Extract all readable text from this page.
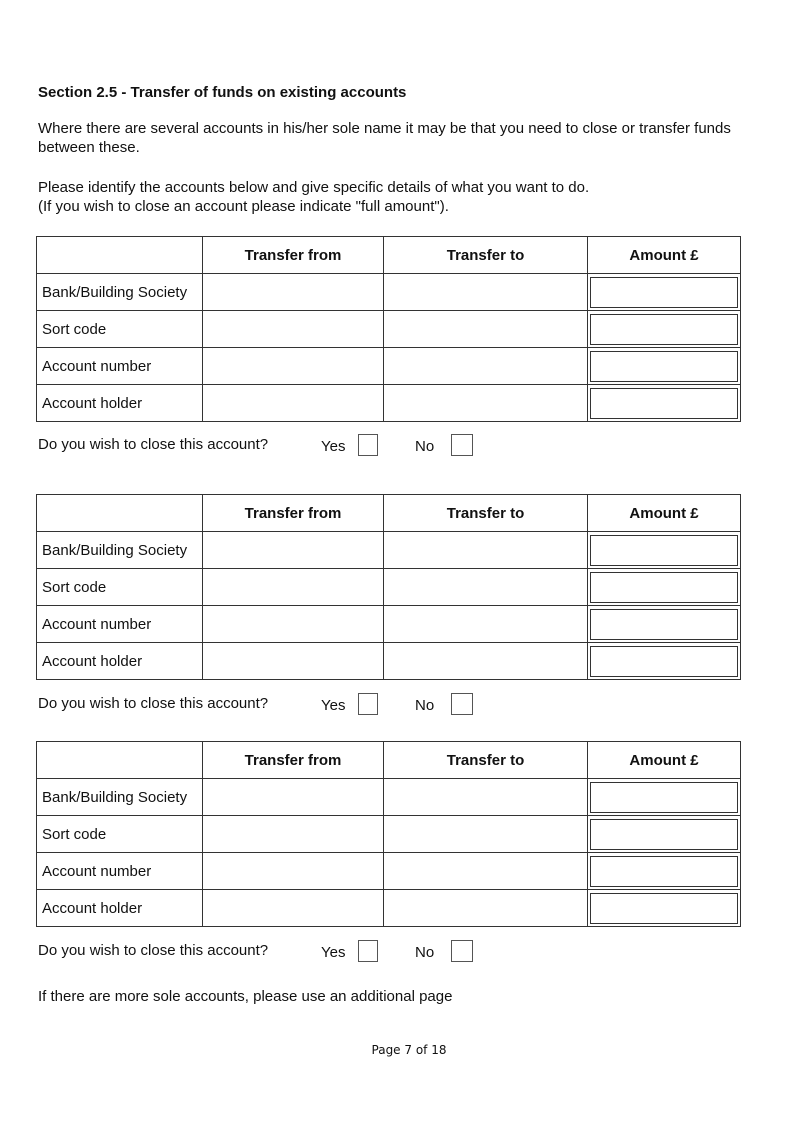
Section 2.5 - Transfer of funds on existing accounts

Where there are several accounts in his/her sole name it may be that you need to close or transfer funds between these.

Please identify the accounts below and give specific details of what you want to do.
(If you wish to close an account please indicate "full amount").

	Transfer from	Transfer to	Amount £
Bank/Building Society			

Sort code			

Account number			

Account holder			
Do you wish to close this account?	Yes	No
	Transfer from	Transfer to	Amount £
Bank/Building Society			

Sort code			

Account number			

Account holder			
Do you wish to close this account?	Yes	No
	Transfer from	Transfer to	Amount £
Bank/Building Society			

Sort code			

Account number			

Account holder			
Do you wish to close this account?	Yes	No
If there are more sole accounts, please use an additional page
Page 7 of 18
